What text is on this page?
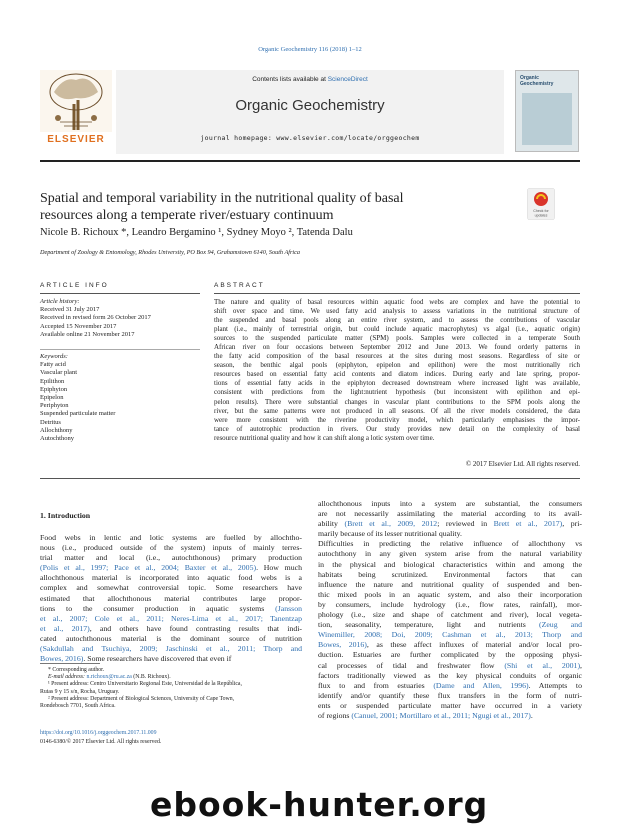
Organic Geochemistry 116 (2018) 1–12
ELSEVIER
Contents lists available at ScienceDirect
Organic Geochemistry
journal homepage: www.elsevier.com/locate/orggeochem
Organic
Geochemistry
Spatial and temporal variability in the nutritional quality of basal
resources along a temperate river/estuary continuum	Check for
updates
Nicole B. Richoux *, Leandro Bergamino ¹, Sydney Moyo ², Tatenda Dalu
Department of Zoology & Entomology, Rhodes University, PO Box 94, Grahamstown 6140, South Africa
ARTICLE INFO	ABSTRACT
Article history:
Received 31 July 2017
Received in revised form 26 October 2017
Accepted 15 November 2017
Available online 21 November 2017
Keywords:
Fatty acid
Vascular plant
Epilithon
Epiphyton
Epipelon
Periphyton
Suspended particulate matter
Detritus
Allochthony
Autochthony
The nature and quality of basal resources within aquatic food webs are complex and have the potential to
shift over space and time. We used fatty acid analysis to assess variations in the nutritional structure of
the suspended and basal pools along an entire river system, and to assess the contributions of vascular
plant (i.e., mainly of terrestrial origin, but could include aquatic macrophytes) vs algal (i.e., aquatic origin)
sources to the suspended particulate matter (SPM) pools. Samples were collected in a temperate South
African river on four occasions between September 2012 and June 2013. We found orderly patterns in
the fatty acid composition of the basal resources at the sites during most seasons. Regardless of site or
season, the benthic algal pools (epiphyton, epipelon and epilithon) were the most nutritionally rich
resources based on essential fatty acid contents and diatom indices. During early and late spring, propor-
tions of essential fatty acids in the epiphyton decreased downstream where increased light was available,
consistent with predictions from the light:nutrient hypothesis (but inconsistent with epilithon and epi-
pelon results). There were substantial changes in vascular plant contributions to the SPM pools along the
river, but the same patterns were not produced in all seasons. Of all the river models considered, the data
were more consistent with the riverine productivity model, which particularly emphasises the impor-
tance of autotrophic production in rivers. Our study provides new detail on the complexity of basal
resource nutritional quality and how it can shift along a lotic system over time.
© 2017 Elsevier Ltd. All rights reserved.
1. Introduction
Food webs in lentic and lotic systems are fuelled by allochtho-
nous (i.e., produced outside of the system) inputs of mainly terres-
trial matter and local (i.e., autochthonous) primary production
(Polis et al., 1997; Pace et al., 2004; Baxter et al., 2005). How much
allochthonous material is incorporated into aquatic food webs is a
complex and somewhat controversial topic. Some researchers have
estimated that allochthonous material contributes large propor-
tions to the consumer production in aquatic systems (Jansson
et al., 2007; Cole et al., 2011; Neres-Lima et al., 2017; Tanentzap
et al., 2017), and others have found contrasting results that indi-
cated autochthonous material is the dominant source of nutrition
(Sakdullah and Tsuchiya, 2009; Jaschinski et al., 2011; Thorp and
Bowes, 2016). Some researchers have discovered that even if
allochthonous inputs into a system are substantial, the consumers
are not necessarily assimilating the material according to its avail-
ability (Brett et al., 2009, 2012; reviewed in Brett et al., 2017), pri-
marily because of its lesser nutritional quality.
Difficulties in predicting the relative influence of allochthony vs
autochthony in any given system arise from the natural variability
in the physical and biological characteristics within and among the
habitats being scrutinized. Environmental factors that can
influence the nature and nutritional quality of suspended and ben-
thic mixed pools in an aquatic system, and also their incorporation
by consumers, include hydrology (i.e., flow rates, rainfall), mor-
phology (i.e., size and shape of catchment and river), local vegeta-
tion, seasonality, temperature, light and nutrients (Zeug and
Winemiller, 2008; Doi, 2009; Cashman et al., 2013; Thorp and
Bowes, 2016), as these affect influxes of material and/or local pro-
duction. Estuaries are further complicated by the opposing physi-
cal processes of tidal and freshwater flow (Shi et al., 2001),
factors traditionally viewed as the key physical conduits of organic
flux to and from estuaries (Dame and Allen, 1996). Attempts to
identify and/or quantify these flux transfers in the form of nutri-
ents or suspended particulate matter have occurred in a variety
of regions (Canuel, 2001; Mortillaro et al., 2011; Ngugi et al., 2017).
* Corresponding author.
E-mail address: n.richoux@ru.ac.za (N.B. Richoux).
¹ Present address: Centro Universitario Regional Este, Universidad de la República,
Rutas 9 y 15 s/n, Rocha, Uruguay.
² Present address: Department of Biological Sciences, University of Cape Town,
Rondebosch 7701, South Africa.
https://doi.org/10.1016/j.orggeochem.2017.11.009
0146-6380/© 2017 Elsevier Ltd. All rights reserved.
ebook-hunter.org
